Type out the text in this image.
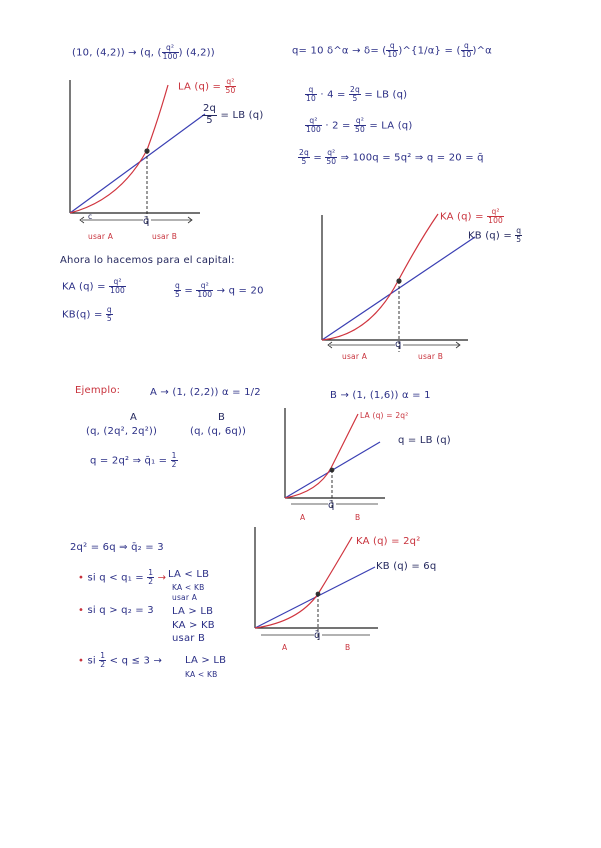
(10, (4,2)) → (q, ( $\frac{\text{q²}}{100}$ ) (4,2))	q= 10 δ^α → δ= ( $\frac{q}{10}$ )^{1/α} = ( $\frac{q}{10}$ )^α
LA $(q) = \frac{\text{q²}}{50}$
$\frac{2q}{5}$ = LB (q)
c	q̄
usar A	usar B
$\frac{q}{10} \cdot 4 = \frac{2q}{5}$ = LB (q)
$\frac{\text{q²}}{100} \cdot 2 = \frac{\text{q²}}{50}$ = LA (q)
$\frac{2q}{5} = \frac{\text{q²}}{50}$ ⇒ 100q = 5q² ⇒ q = 20 = q̄
Ahora lo hacemos para el capital:
KA $(q) = \frac{\text{q²}}{100}$	$\frac{q}{5} = \frac{\text{q²}}{100} \to q = 20$
$KB(q) = \frac{q}{5}$
KA $(q) = \frac{\text{q²}}{100}$
KB $(q) = \frac{q}{5}$
q
usar A	usar B
Ejemplo:	A → (1, (2,2)) α = 1/2	B → (1, (1,6)) α = 1
A	B
(q, (2q², 2q²))	(q, (q, 6q))
q = 2q² ⇒ q̄₁ = $\frac{1}{2}$
LA (q) = 2q²
q = LB (q)
q̄
A	B
2q² = 6q ⇒ q̄₂ = 3
• si $q < q_1 = \frac{1}{2}$ → LA < LB
KA < KB
usar A
• si q > q₂ = 3 LA > LB
KA > KB
usar B
• si $\frac{1}{2} < q \le 3$ → LA > LB
KA < KB
KA (q) = 2q²
KB (q) = 6q
q̄
A	B
